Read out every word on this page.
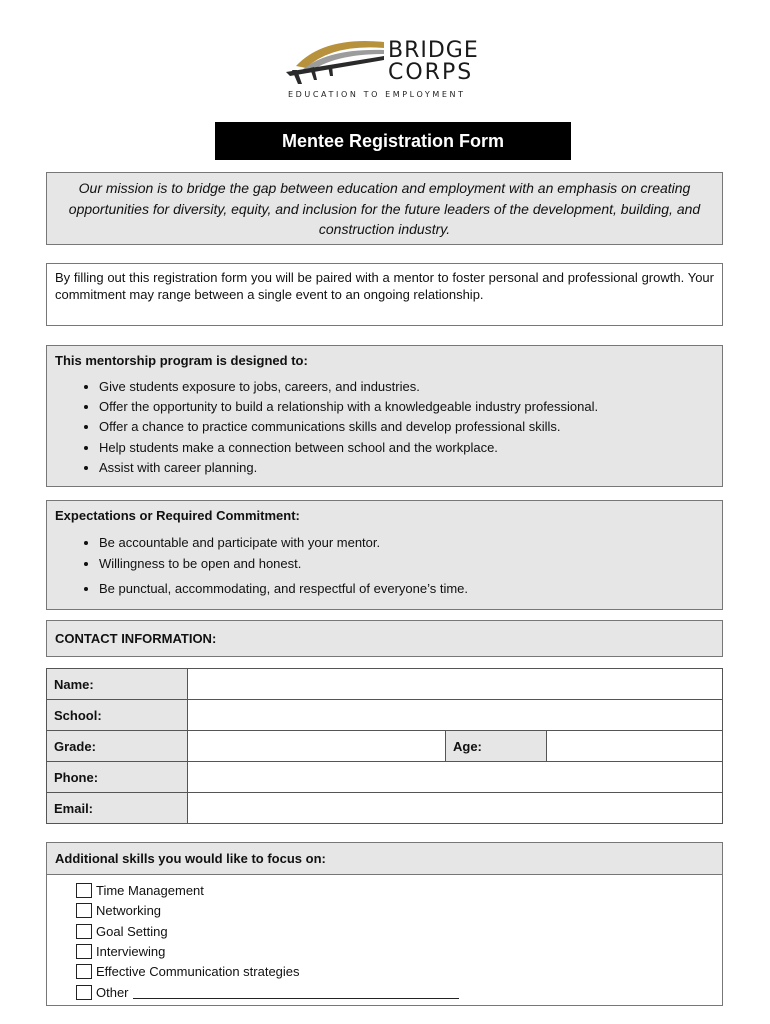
BRIDGE
CORPS
EDUCATION TO EMPLOYMENT
Mentee Registration Form
Our mission is to bridge the gap between education and employment with an emphasis on creating opportunities for diversity, equity, and inclusion for the future leaders of the development, building, and construction industry.
By filling out this registration form you will be paired with a mentor to foster personal and professional growth. Your commitment may range between a single event to an ongoing relationship.
This mentorship program is designed to:
• Give students exposure to jobs, careers, and industries.
• Offer the opportunity to build a relationship with a knowledgeable industry professional.
• Offer a chance to practice communications skills and develop professional skills.
• Help students make a connection between school and the workplace.
• Assist with career planning.
Expectations or Required Commitment:
• Be accountable and participate with your mentor.
• Willingness to be open and honest.
• Be punctual, accommodating, and respectful of everyone’s time.
CONTACT INFORMATION:
Name:			
School:			
Grade:		Age:	
Phone:			
Email:			
Additional skills you would like to focus on:
Time Management
Networking
Goal Setting
Interviewing
Effective Communication strategies
Other
